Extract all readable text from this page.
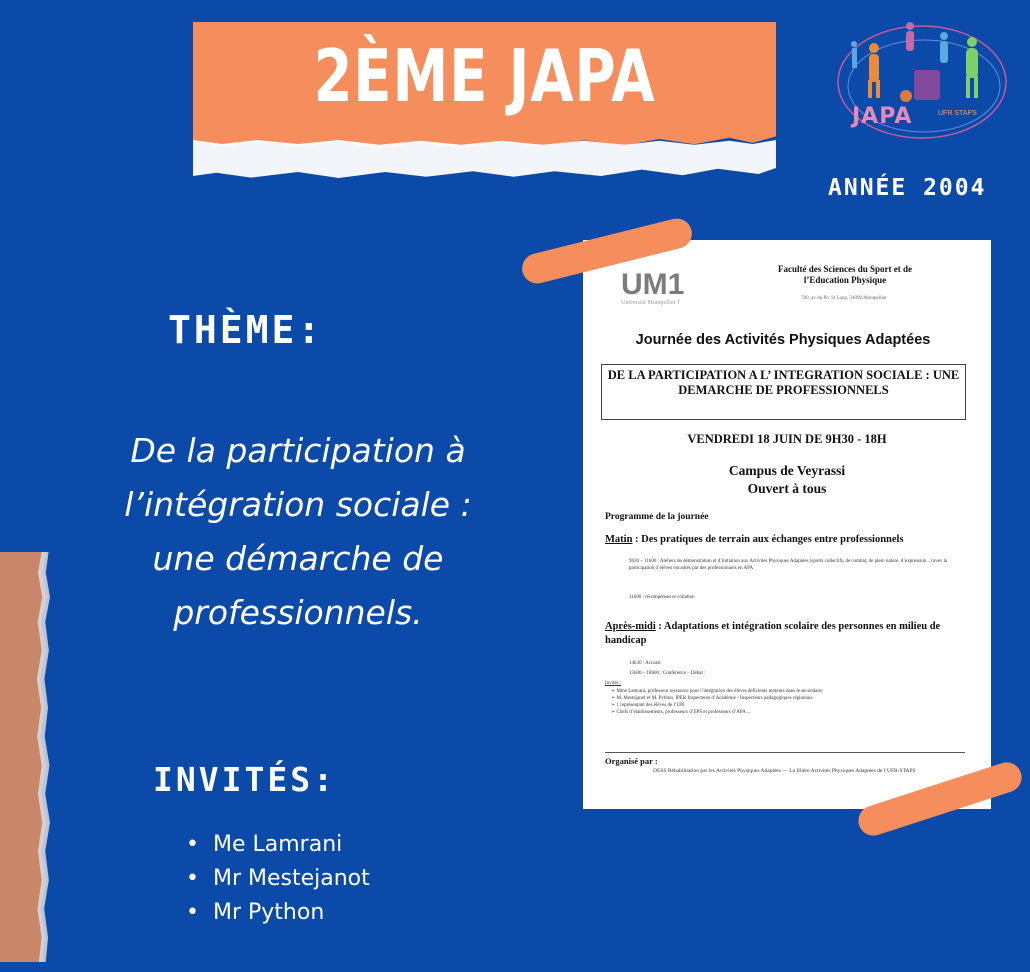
2ÈME JAPA	JAPA	UFR STAPS
ANNÉE 2004
THÈME:
De la participation à l’intégration sociale : une démarche de professionnels.
INVITÉS:
• Me Lamrani
• Mr Mestejanot
• Mr Python
UM1
Université Montpellier I
Faculté des Sciences du Sport et de l’Education Physique
700, av du Pic St Loup, 34090 Montpellier
Journée des Activités Physiques Adaptées
DE LA PARTICIPATION A L’ INTEGRATION SOCIALE : UNE DEMARCHE DE PROFESSIONNELS
VENDREDI 18 JUIN DE 9H30 - 18H
Campus de Veyrassi
Ouvert à tous
Programme de la journée
Matin : Des pratiques de terrain aux échanges entre professionnels
9h30 – 11h00 : Ateliers de démonstration et d’initiation aux Activités Physiques Adaptées (sports collectifs, de combat, de plein nature, d’expression...) avec la participation d’élèves encadrés par des professionnels en APA
11h00 : récompenses et collation
Après-midi : Adaptations et intégration scolaire des personnes en milieu de handicap
14h30 : Accueil
15h00 – 18h00 : Conférence – Débat :
Invités :
➢ Mme Lamrani, professeur ressource pour l’intégration des élèves déficients moteurs dans le secondaire
➢ M. Mestejanot et M. Python, IPER Inspecteurs d’Académie - Inspecteurs pédagogiques régionaux
➢ 1 représentant des élèves de l’UPI
➢ Chefs d’établissements, professeurs d’EPS et professeurs d’APA ...
Organisé par :
DESS Réhabilitation par les Activités Physiques Adaptées — La filière Activités Physiques Adaptées de l’UFR-STAPS
